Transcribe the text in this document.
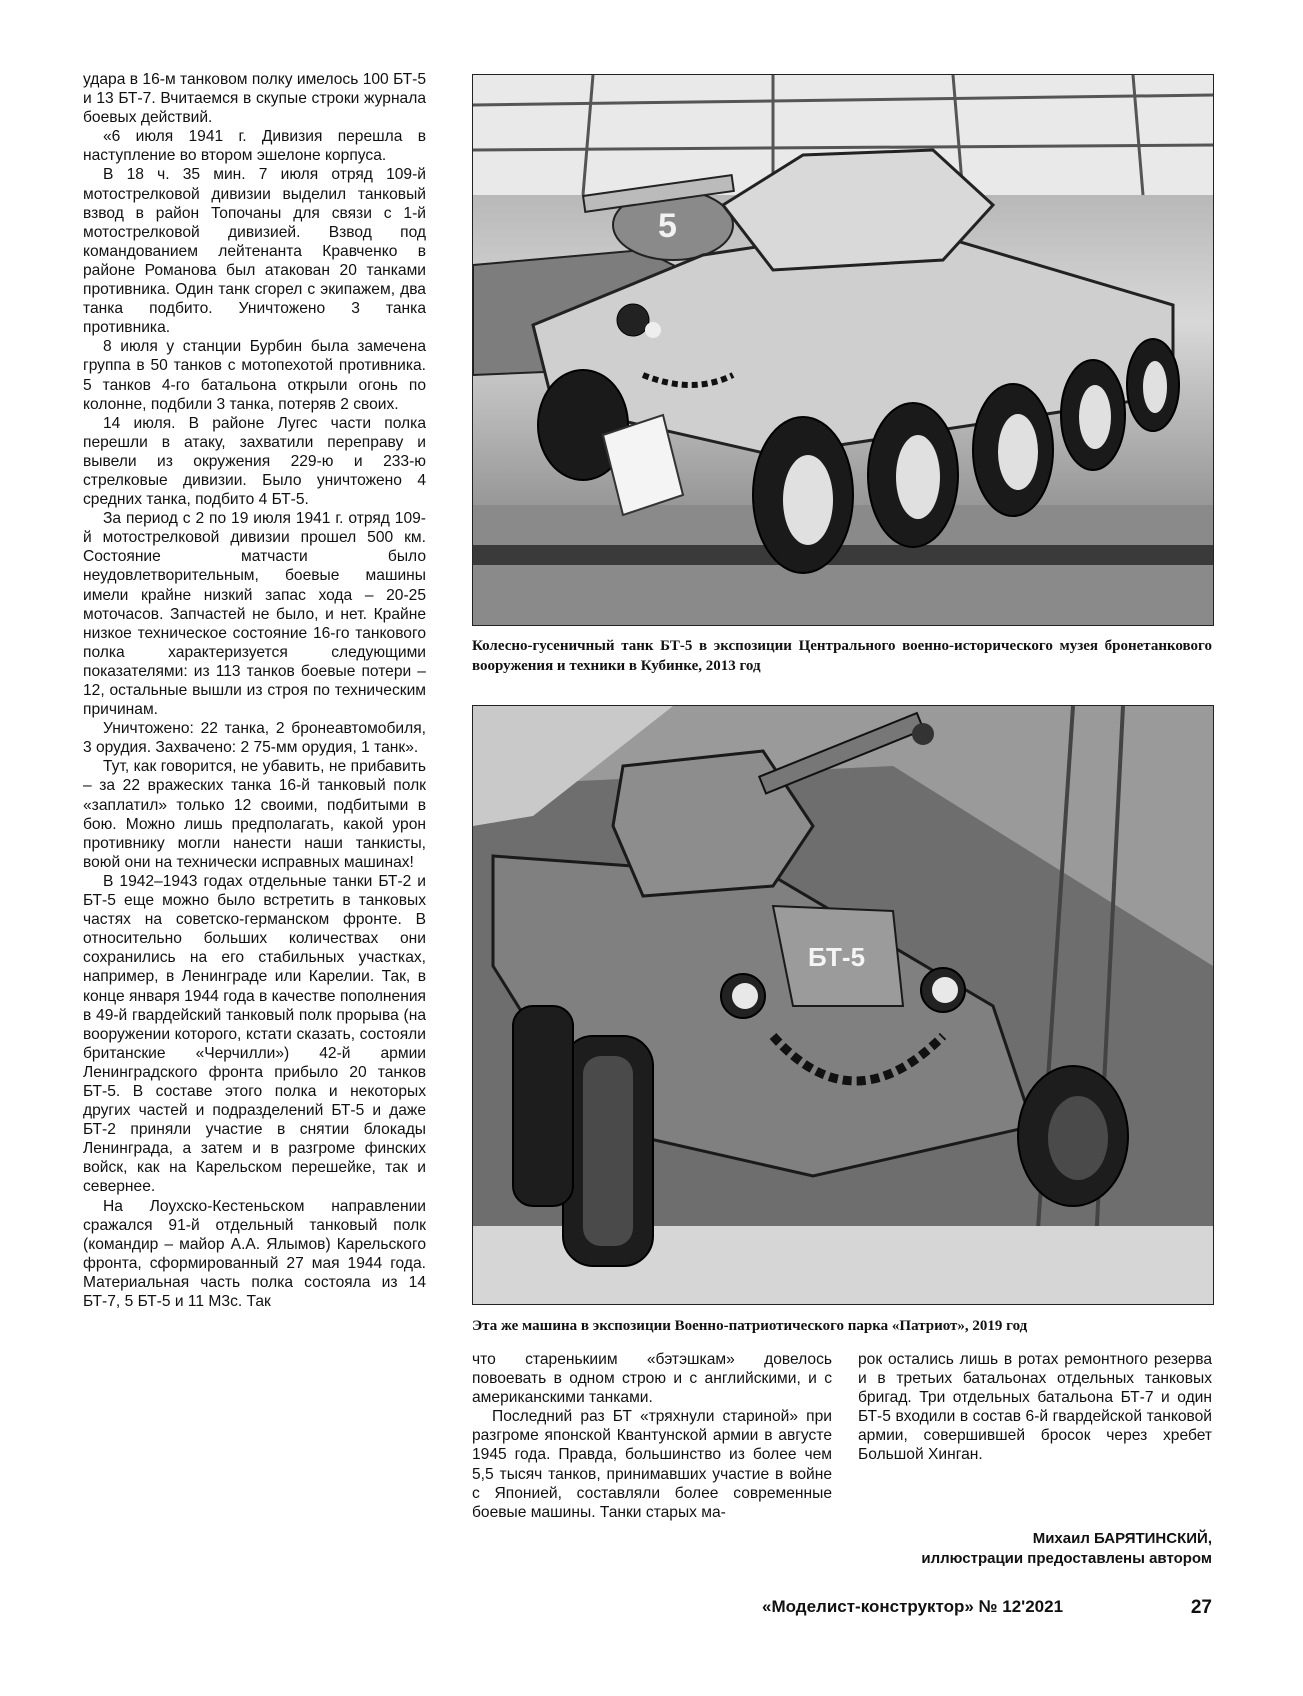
удара в 16-м танковом полку имелось 100 БТ-5 и 13 БТ-7. Вчитаемся в скупые строки журнала боевых действий.

«6 июля 1941 г. Дивизия перешла в наступление во втором эшелоне корпуса.

В 18 ч. 35 мин. 7 июля отряд 109-й мотострелковой дивизии выделил танковый взвод в район Топочаны для связи с 1-й мотострелковой дивизией. Взвод под командованием лейтенанта Кравченко в районе Романова был атакован 20 танками противника. Один танк сгорел с экипажем, два танка подбито. Уничтожено 3 танка противника.

8 июля у станции Бурбин была замечена группа в 50 танков с мотопехотой противника. 5 танков 4-го батальона открыли огонь по колонне, подбили 3 танка, потеряв 2 своих.

14 июля. В районе Лугес части полка перешли в атаку, захватили переправу и вывели из окружения 229-ю и 233-ю стрелковые дивизии. Было уничтожено 4 средних танка, подбито 4 БТ-5.

За период с 2 по 19 июля 1941 г. отряд 109-й мотострелковой дивизии прошел 500 км. Состояние матчасти было неудовлетворительным, боевые машины имели крайне низкий запас хода – 20-25 моточасов. Запчастей не было, и нет. Крайне низкое техническое состояние 16-го танкового полка характеризуется следующими показателями: из 113 танков боевые потери – 12, остальные вышли из строя по техническим причинам.

Уничтожено: 22 танка, 2 бронеавтомобиля, 3 орудия. Захвачено: 2 75-мм орудия, 1 танк».

Тут, как говорится, не убавить, не прибавить – за 22 вражеских танка 16-й танковый полк «заплатил» только 12 своими, подбитыми в бою. Можно лишь предполагать, какой урон противнику могли нанести наши танкисты, воюй они на технически исправных машинах!

В 1942–1943 годах отдельные танки БТ-2 и БТ-5 еще можно было встретить в танковых частях на советско-германском фронте. В относительно больших количествах они сохранились на его стабильных участках, например, в Ленинграде или Карелии. Так, в конце января 1944 года в качестве пополнения в 49-й гвардейский танковый полк прорыва (на вооружении которого, кстати сказать, состояли британские «Черчилли») 42-й армии Ленинградского фронта прибыло 20 танков БТ-5. В составе этого полка и некоторых других частей и подразделений БТ-5 и даже БТ-2 приняли участие в снятии блокады Ленинграда, а затем и в разгроме финских войск, как на Карельском перешейке, так и севернее.

На Лоухско-Кестеньском направлении сражался 91-й отдельный танковый полк (командир – майор А.А. Ялымов) Карельского фронта, сформированный 27 мая 1944 года. Материальная часть полка состояла из 14 БТ-7, 5 БТ-5 и 11 М3с. Так

5
Колесно-гусеничный танк БТ-5 в экспозиции Центрального военно-исторического музея бронетанкового вооружения и техники в Кубинке, 2013 год
БТ-5
Эта же машина в экспозиции Военно-патриотического парка «Патриот», 2019 год

что старенькиим «бэтэшкам» довелось повоевать в одном строю и с английскими, и с американскими танками.

Последний раз БТ «тряхнули стариной» при разгроме японской Квантунской армии в августе 1945 года. Правда, большинство из более чем 5,5 тысяч танков, принимавших участие в войне с Японией, составляли более современные боевые машины. Танки старых ма-

рок остались лишь в ротах ремонтного резерва и в третьих батальонах отдельных танковых бригад. Три отдельных батальона БТ-7 и один БТ-5 входили в состав 6-й гвардейской танковой армии, совершившей бросок через хребет Большой Хинган.

Михаил БАРЯТИНСКИЙ,
иллюстрации предоставлены автором
«Моделист-конструктор» № 12'2021	27
